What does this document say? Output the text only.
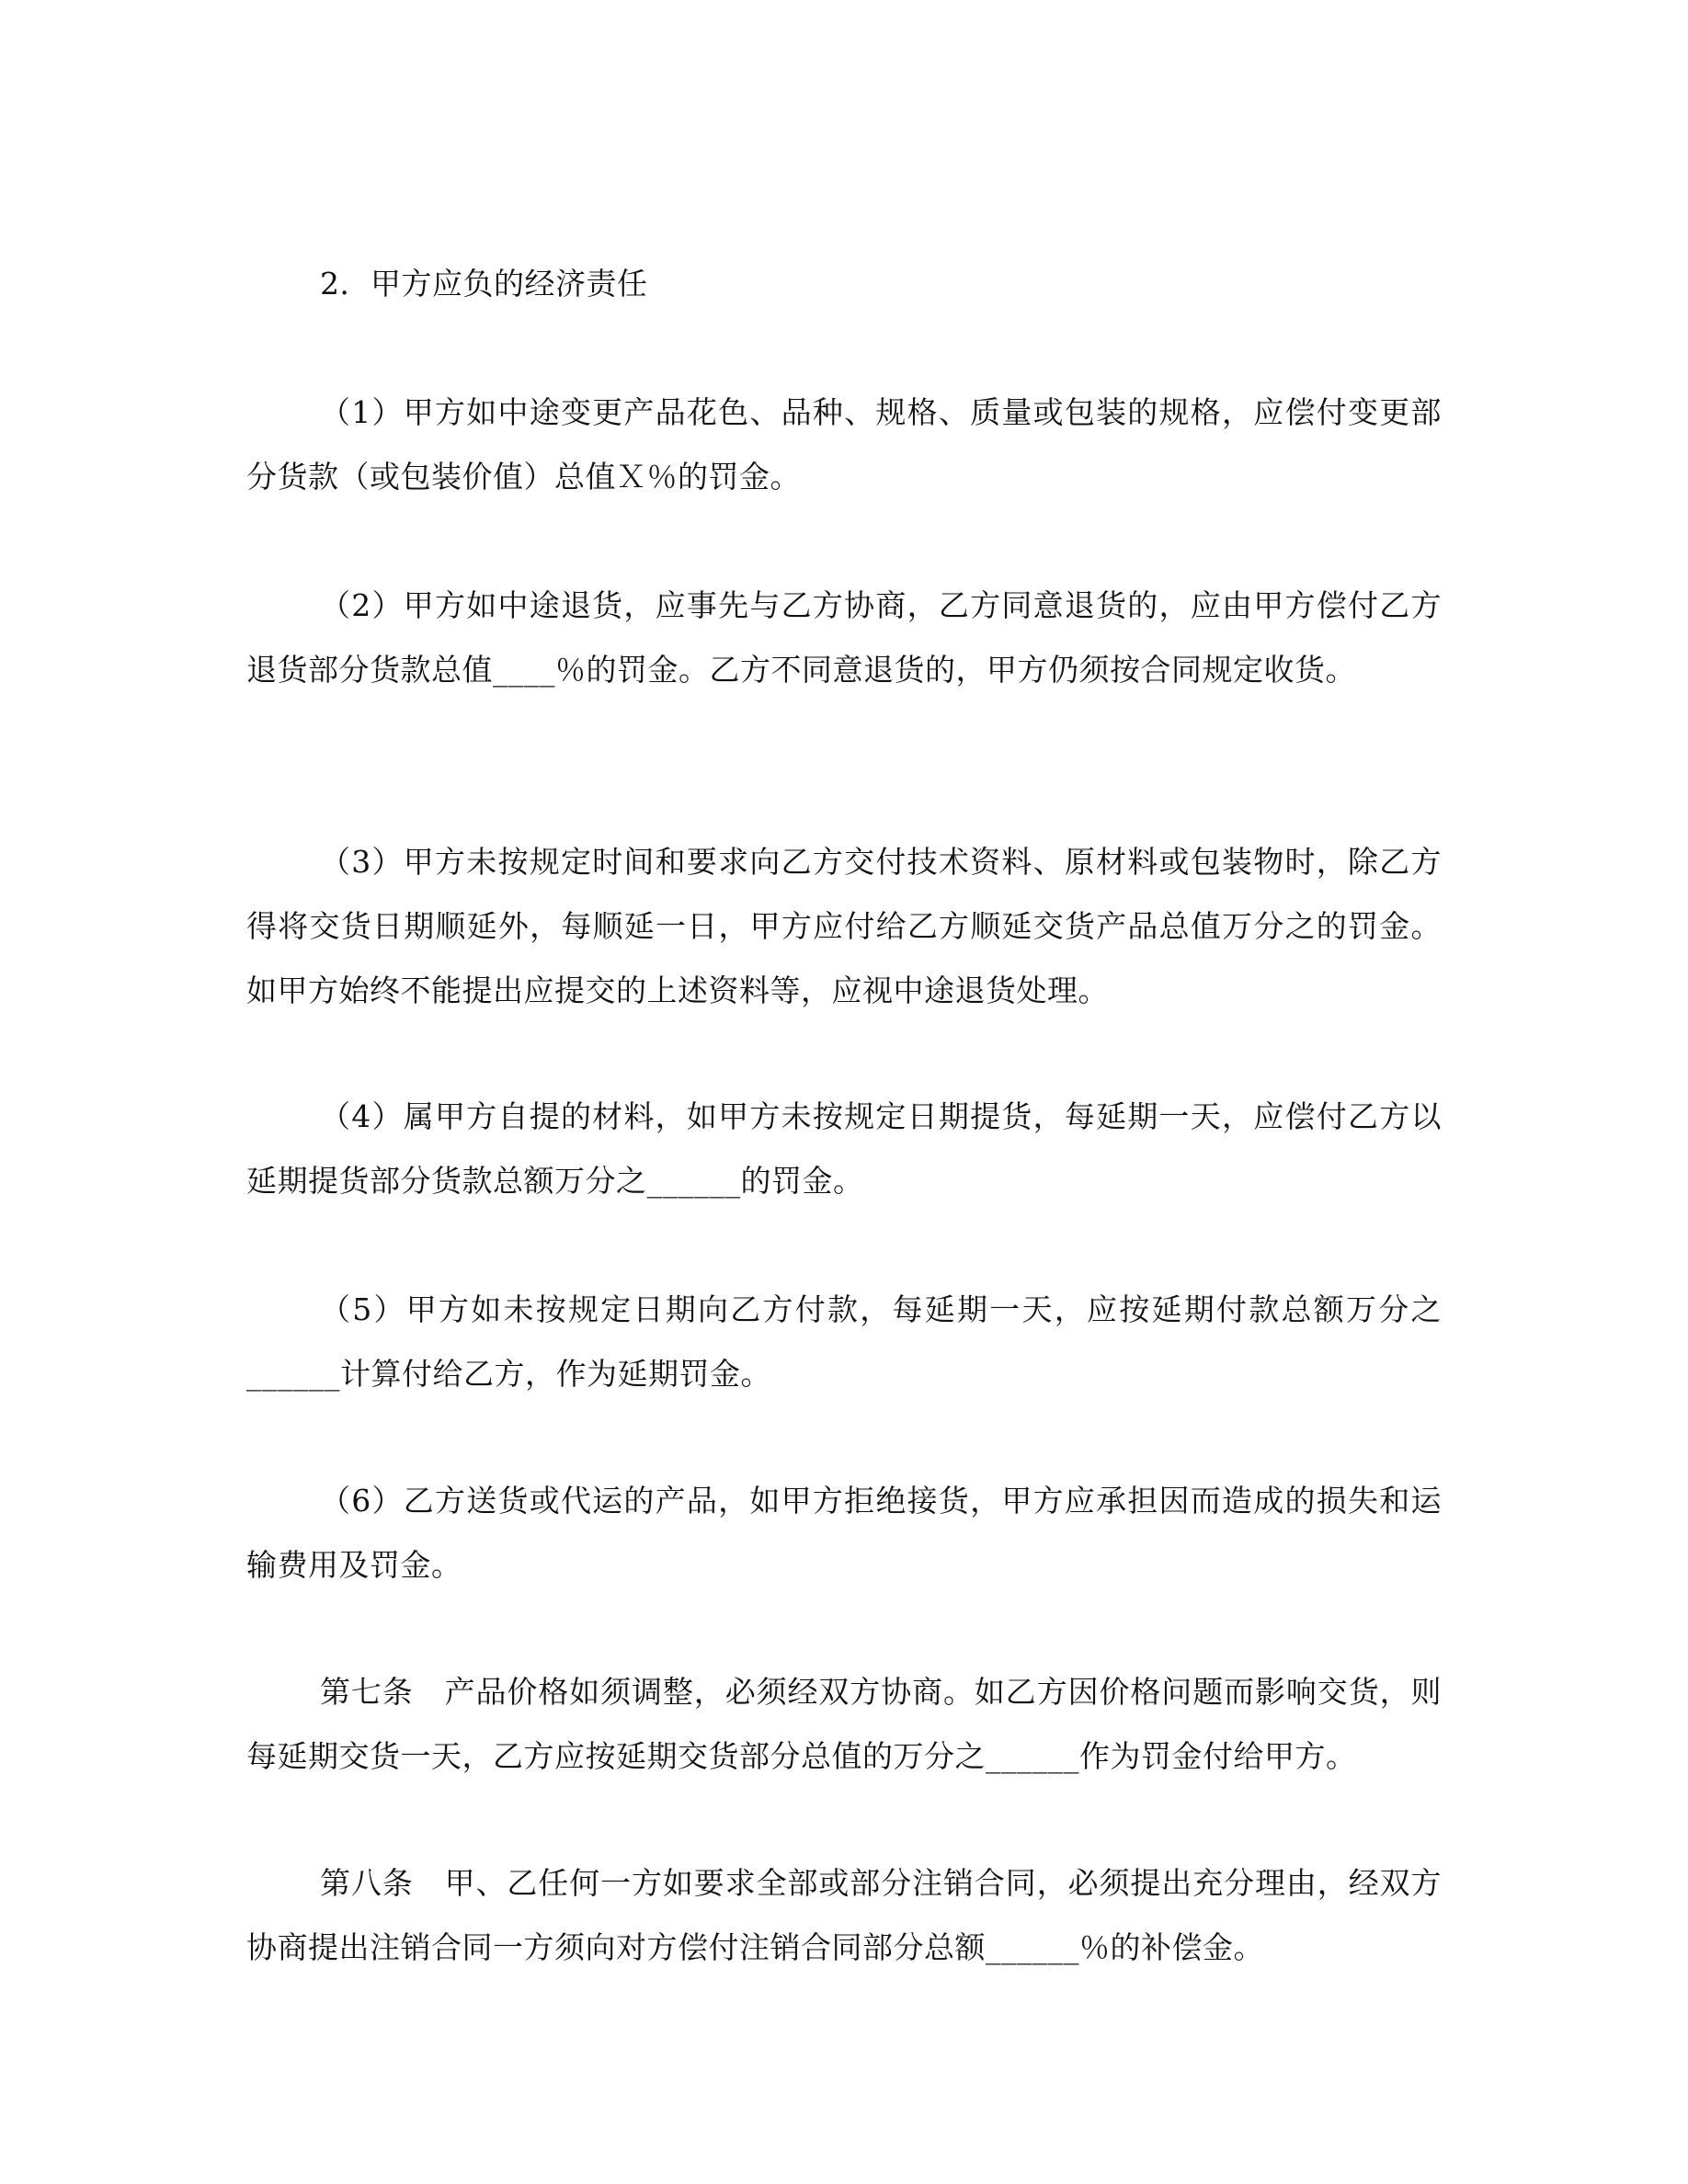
2．甲方应负的经济责任

（1）甲方如中途变更产品花色、品种、规格、质量或包装的规格，应偿付变更部分货款（或包装价值）总值Ｘ％的罚金。

（2）甲方如中途退货，应事先与乙方协商，乙方同意退货的，应由甲方偿付乙方退货部分货款总值____％的罚金。乙方不同意退货的，甲方仍须按合同规定收货。

（3）甲方未按规定时间和要求向乙方交付技术资料、原材料或包装物时，除乙方得将交货日期顺延外，每顺延一日，甲方应付给乙方顺延交货产品总值万分之的罚金。如甲方始终不能提出应提交的上述资料等，应视中途退货处理。

（4）属甲方自提的材料，如甲方未按规定日期提货，每延期一天，应偿付乙方以延期提货部分货款总额万分之______的罚金。

（5）甲方如未按规定日期向乙方付款，每延期一天，应按延期付款总额万分之______计算付给乙方，作为延期罚金。

（6）乙方送货或代运的产品，如甲方拒绝接货，甲方应承担因而造成的损失和运输费用及罚金。

第七条　产品价格如须调整，必须经双方协商。如乙方因价格问题而影响交货，则每延期交货一天，乙方应按延期交货部分总值的万分之______作为罚金付给甲方。

第八条　甲、乙任何一方如要求全部或部分注销合同，必须提出充分理由，经双方协商提出注销合同一方须向对方偿付注销合同部分总额______％的补偿金。
